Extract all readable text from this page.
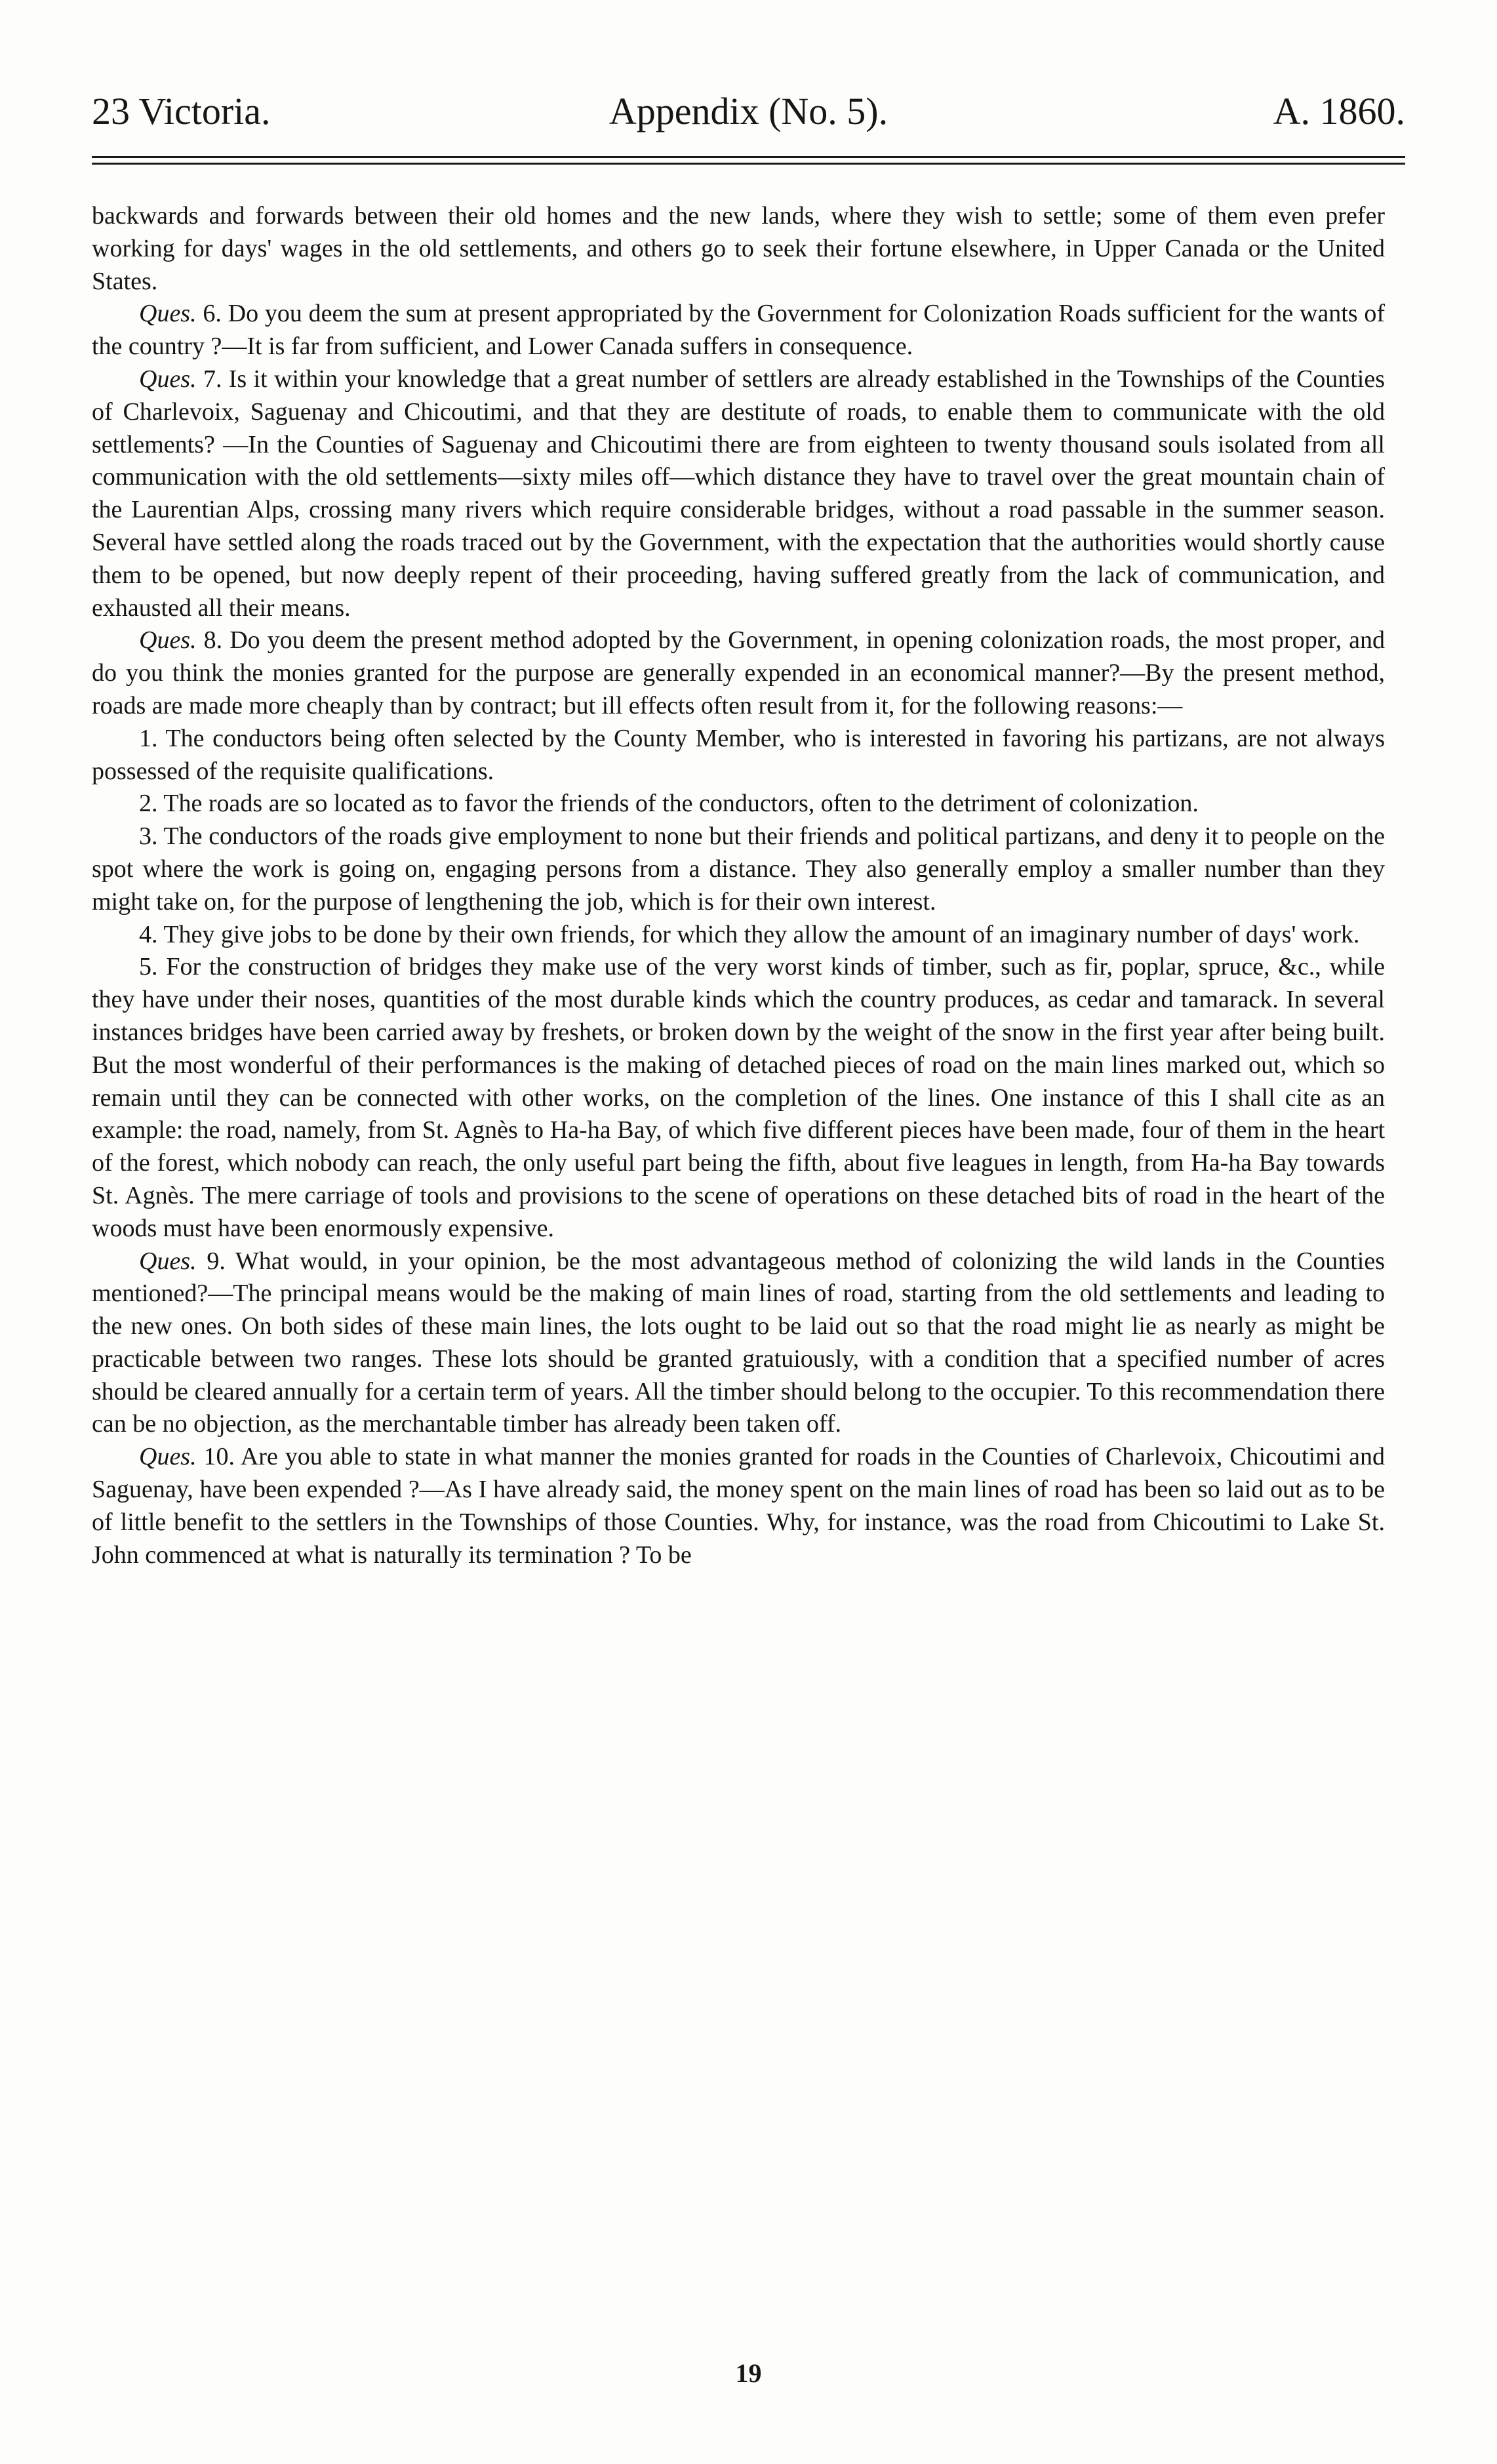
23 Victoria.	Appendix (No. 5).	A. 1860.

backwards and forwards between their old homes and the new lands, where they wish to settle; some of them even prefer working for days' wages in the old settlements, and others go to seek their fortune elsewhere, in Upper Canada or the United States.

Ques. 6. Do you deem the sum at present appropriated by the Government for Colonization Roads sufficient for the wants of the country ?—It is far from sufficient, and Lower Canada suffers in consequence.

Ques. 7. Is it within your knowledge that a great number of settlers are already established in the Townships of the Counties of Charlevoix, Saguenay and Chicoutimi, and that they are destitute of roads, to enable them to communicate with the old settlements? —In the Counties of Saguenay and Chicoutimi there are from eighteen to twenty thousand souls isolated from all communication with the old settlements—sixty miles off—which distance they have to travel over the great mountain chain of the Laurentian Alps, crossing many rivers which require considerable bridges, without a road passable in the summer season. Several have settled along the roads traced out by the Government, with the expectation that the authorities would shortly cause them to be opened, but now deeply repent of their proceeding, having suffered greatly from the lack of communication, and exhausted all their means.

Ques. 8. Do you deem the present method adopted by the Government, in opening colonization roads, the most proper, and do you think the monies granted for the purpose are generally expended in an economical manner?—By the present method, roads are made more cheaply than by contract; but ill effects often result from it, for the following reasons:—

1. The conductors being often selected by the County Member, who is interested in favoring his partizans, are not always possessed of the requisite qualifications.

2. The roads are so located as to favor the friends of the conductors, often to the detriment of colonization.

3. The conductors of the roads give employment to none but their friends and political partizans, and deny it to people on the spot where the work is going on, engaging persons from a distance. They also generally employ a smaller number than they might take on, for the purpose of lengthening the job, which is for their own interest.

4. They give jobs to be done by their own friends, for which they allow the amount of an imaginary number of days' work.

5. For the construction of bridges they make use of the very worst kinds of timber, such as fir, poplar, spruce, &c., while they have under their noses, quantities of the most durable kinds which the country produces, as cedar and tamarack. In several instances bridges have been carried away by freshets, or broken down by the weight of the snow in the first year after being built. But the most wonderful of their performances is the making of detached pieces of road on the main lines marked out, which so remain until they can be connected with other works, on the completion of the lines. One instance of this I shall cite as an example: the road, namely, from St. Agnès to Ha-ha Bay, of which five different pieces have been made, four of them in the heart of the forest, which nobody can reach, the only useful part being the fifth, about five leagues in length, from Ha-ha Bay towards St. Agnès. The mere carriage of tools and provisions to the scene of operations on these detached bits of road in the heart of the woods must have been enormously expensive.

Ques. 9. What would, in your opinion, be the most advantageous method of colonizing the wild lands in the Counties mentioned?—The principal means would be the making of main lines of road, starting from the old settlements and leading to the new ones. On both sides of these main lines, the lots ought to be laid out so that the road might lie as nearly as might be practicable between two ranges. These lots should be granted gratuiously, with a condition that a specified number of acres should be cleared annually for a certain term of years. All the timber should belong to the occupier. To this recommendation there can be no objection, as the merchantable timber has already been taken off.

Ques. 10. Are you able to state in what manner the monies granted for roads in the Counties of Charlevoix, Chicoutimi and Saguenay, have been expended ?—As I have already said, the money spent on the main lines of road has been so laid out as to be of little benefit to the settlers in the Townships of those Counties. Why, for instance, was the road from Chicoutimi to Lake St. John commenced at what is naturally its termination ? To be

19
